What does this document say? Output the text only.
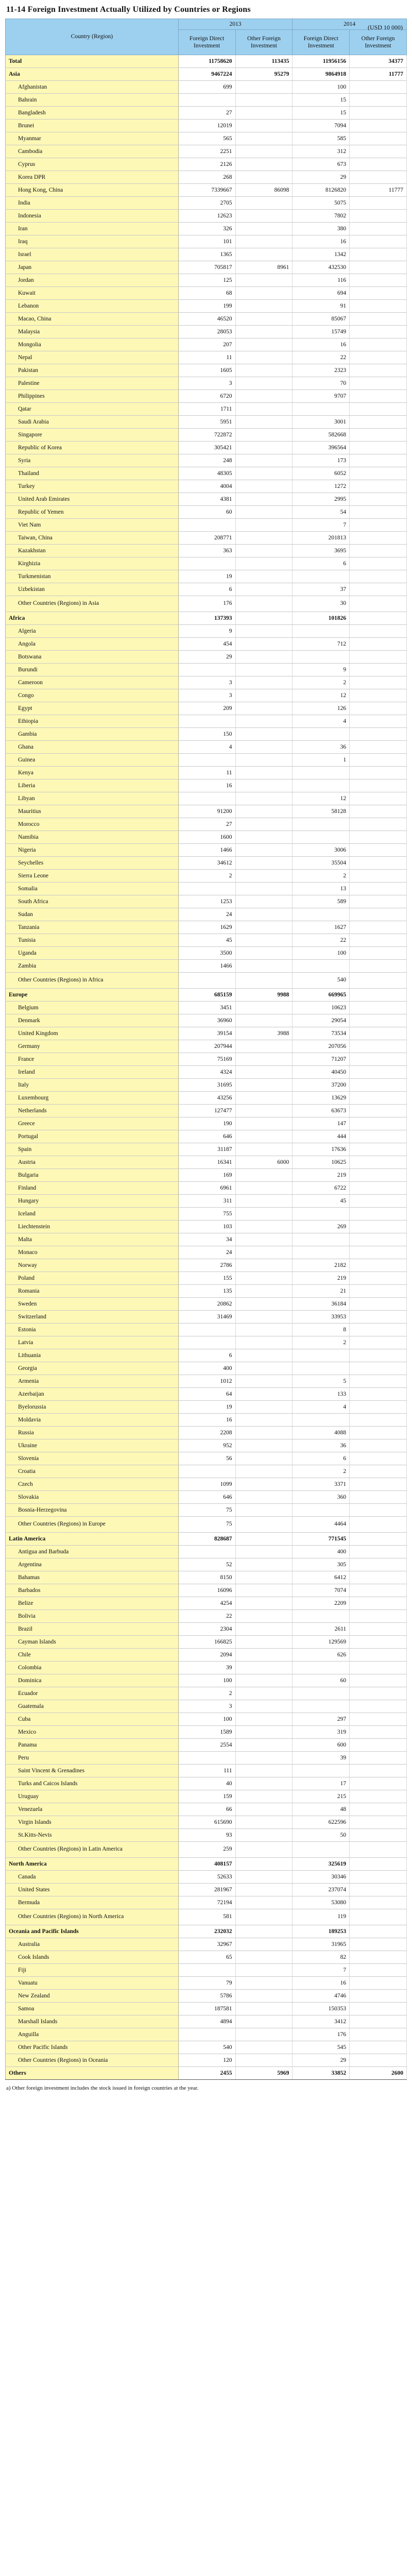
11-14 Foreign Investment Actually Utilized by Countries or Regions
(USD 10 000)
Country (Region)	2013		2014	
	Foreign Direct Investment	Other Foreign Investment	Foreign Direct Investment	Other Foreign Investment
Total	11758620	113435	11956156	34377
Asia	9467224	95279	9864918	11777
Afghanistan	699		100	
Bahrain			15	
Bangladesh	27		15	
Brunei	12019		7094	
Myanmar	565		585	
Cambodia	2251		312	
Cyprus	2126		673	
Korea DPR	268		29	
Hong Kong, China	7339667	86098	8126820	11777
India	2705		5075	
Indonesia	12623		7802	
Iran	326		380	
Iraq	101		16	
Israel	1365		1342	
Japan	705817	8961	432530	
Jordan	125		116	
Kuwait	68		694	
Lebanon	199		91	
Macao, China	46520		85067	
Malaysia	28053		15749	
Mongolia	207		16	
Nepal	11		22	
Pakistan	1605		2323	
Palestine	3		70	
Philippines	6720		9707	
Qatar	1711			
Saudi Arabia	5951		3001	
Singapore	722872		582668	
Republic of Korea	305421		396564	
Syria	248		173	
Thailand	48305		6052	
Turkey	4004		1272	
United Arab Emirates	4381		2995	
Republic of Yemen	60		54	
Viet Nam			7	
Taiwan, China	208771		201813	
Kazakhstan	363		3695	
Kirghizia			6	
Turkmenistan	19			
Uzbekistan	6		37	
Other Countries (Regions) in Asia	176		30	
Africa	137393		101826	
Algeria	9			
Angola	454		712	
Botswana	29			
Burundi			9	
Cameroon	3		2	
Congo	3		12	
Egypt	209		126	
Ethiopia			4	
Gambia	150			
Ghana	4		36	
Guinea			1	
Kenya	11			
Liberia	16			
Libyan			12	
Mauritius	91200		58128	
Morocco	27			
Namibia	1600			
Nigeria	1466		3006	
Seychelles	34612		35504	
Sierra Leone	2		2	
Somalia			13	
South Africa	1253		589	
Sudan	24			
Tanzania	1629		1627	
Tunisia	45		22	
Uganda	3500		100	
Zambia	1466			
Other Countries (Regions) in Africa			540	
Europe	685159	9988	669965	
Belgium	3451		10623	
Denmark	36960		29054	
United Kingdom	39154	3988	73534	
Germany	207944		207056	
France	75169		71207	
Ireland	4324		40450	
Italy	31695		37200	
Luxembourg	43256		13629	
Netherlands	127477		63673	
Greece	190		147	
Portugal	646		444	
Spain	31187		17636	
Austria	16341	6000	10625	
Bulgaria	169		219	
Finland	6961		6722	
Hungary	311		45	
Iceland	755			
Liechtenstein	103		269	
Malta	34			
Monaco	24			
Norway	2786		2182	
Poland	155		219	
Romania	135		21	
Sweden	20862		36184	
Switzerland	31469		33953	
Estonia			8	
Latvia			2	
Lithuania	6			
Georgia	400			
Armenia	1012		5	
Azerbaijan	64		133	
Byelorussia	19		4	
Moldavia	16			
Russia	2208		4088	
Ukraine	952		36	
Slovenia	56		6	
Croatia			2	
Czech	1099		3371	
Slovakia	646		360	
Bosnia-Herzegovina	75			
Other Countries (Regions) in Europe	75		4464	
Latin America	828687		771545	
Antigua and Barbuda			400	
Argentina	52		305	
Bahamas	8150		6412	
Barbados	16096		7074	
Belize	4254		2209	
Bolivia	22			
Brazil	2304		2611	
Cayman Islands	166825		129569	
Chile	2094		626	
Colombia	39			
Dominica	100		60	
Ecuador	2			
Guatemala	3			
Cuba	100		297	
Mexico	1589		319	
Panama	2554		600	
Peru			39	
Saint Vincent & Grenadines	111			
Turks and Caicos Islands	40		17	
Uruguay	159		215	
Venezuela	66		48	
Virgin Islands	615690		622596	
St.Kitts-Nevis	93		50	
Other Countries (Regions) in Latin America	259			
North America	408157		325619	
Canada	52633		30346	
United States	281967		237074	
Bermuda	72194		53080	
Other Countries (Regions) in North America	581		119	
Oceania and Pacific Islands	232032		189253	
Australia	32967		31965	
Cook Islands	65		82	
Fiji			7	
Vanuatu	79		16	
New Zealand	5786		4746	
Samoa	187581		150353	
Marshall Islands	4894		3412	
Anguilla			176	
Other Pacific Islands	540		545	
Other Countries (Regions) in Oceania	120		29	
Others	2455	5969	33852	2600
a) Other foreign investment includes the stock issued in foreign countries at the year.
